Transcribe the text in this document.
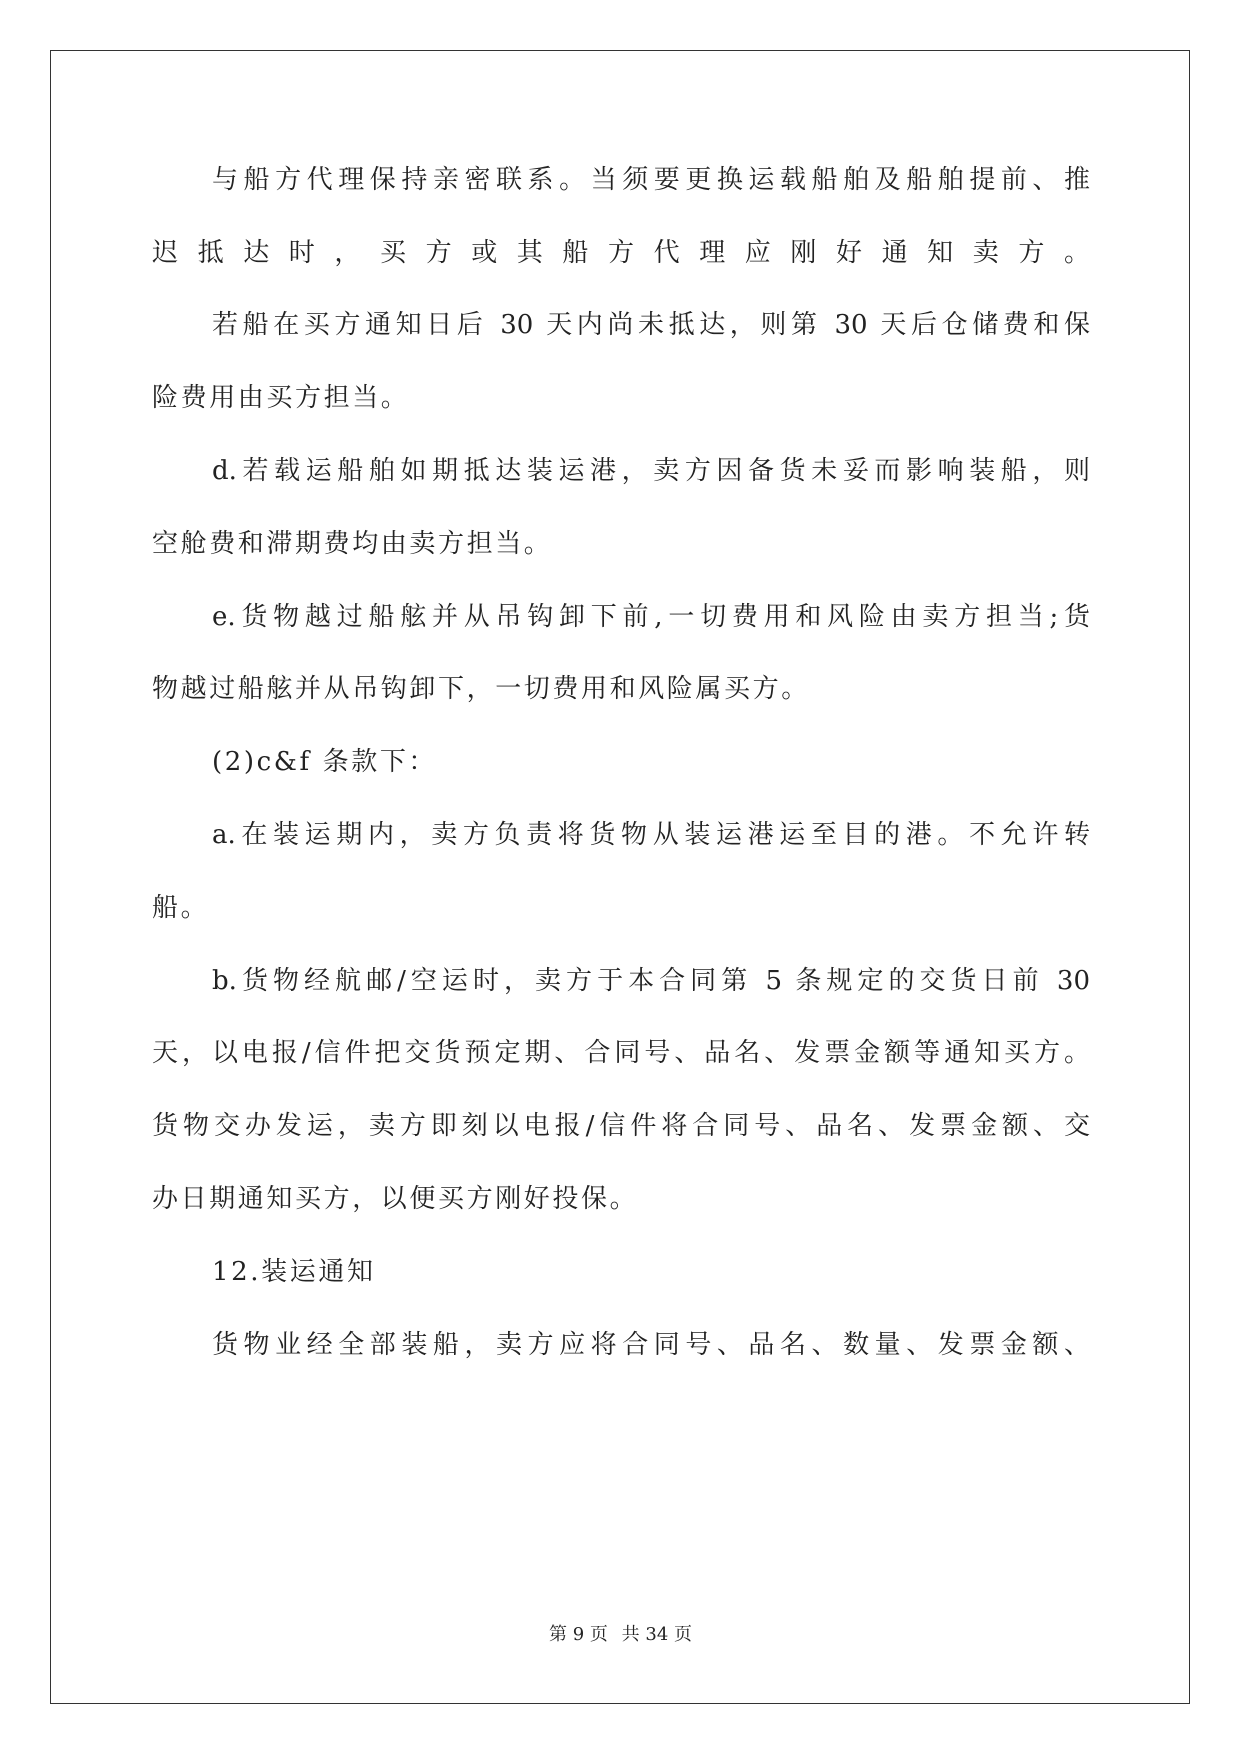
与船方代理保持亲密联系。当须要更换运载船舶及船舶提前、推
迟抵达时，买方或其船方代理应刚好通知卖方。
若船在买方通知日后 30 天内尚未抵达，则第 30 天后仓储费和保
险费用由买方担当。
d.若载运船舶如期抵达装运港，卖方因备货未妥而影响装船，则
空舱费和滞期费均由卖方担当。
e.货物越过船舷并从吊钩卸下前,一切费用和风险由卖方担当;货
物越过船舷并从吊钩卸下，一切费用和风险属买方。
(2)c&f 条款下：
a.在装运期内，卖方负责将货物从装运港运至目的港。不允许转
船。
b.货物经航邮/空运时，卖方于本合同第 5 条规定的交货日前 30
天，以电报/信件把交货预定期、合同号、品名、发票金额等通知买方。
货物交办发运，卖方即刻以电报/信件将合同号、品名、发票金额、交
办日期通知买方，以便买方刚好投保。
12.装运通知
货物业经全部装船，卖方应将合同号、品名、数量、发票金额、
第 9 页 共 34 页
